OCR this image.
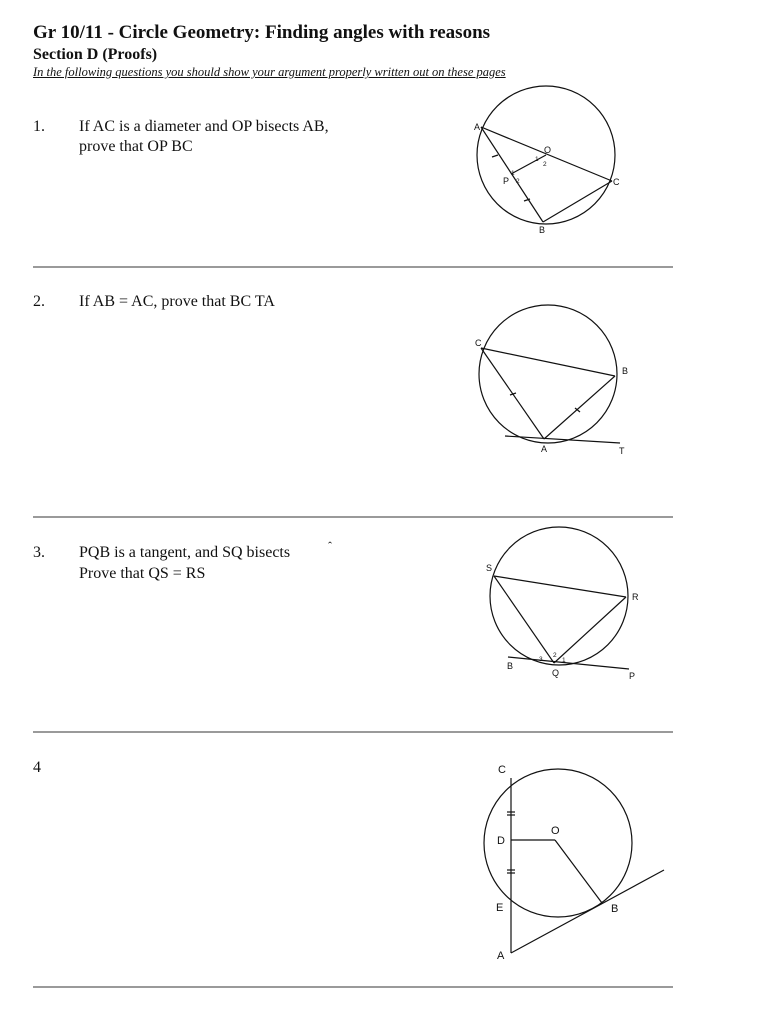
Gr 10/11 - Circle Geometry: Finding angles with reasons
Section D (Proofs)
In the following questions you should show your argument properly written out on these pages
1. If AC is a diameter and OP bisects AB,
prove that OP BC
2. If AB = AC, prove that BC TA
3. PQB is a tangent, and SQ bisects
Prove that QS = RS
ˆ
4
A
O
P	C
B
1
2
1
2
C
B
A	T
S
R
B
Q	P
1
2
3
C
O
D
E	B
A
